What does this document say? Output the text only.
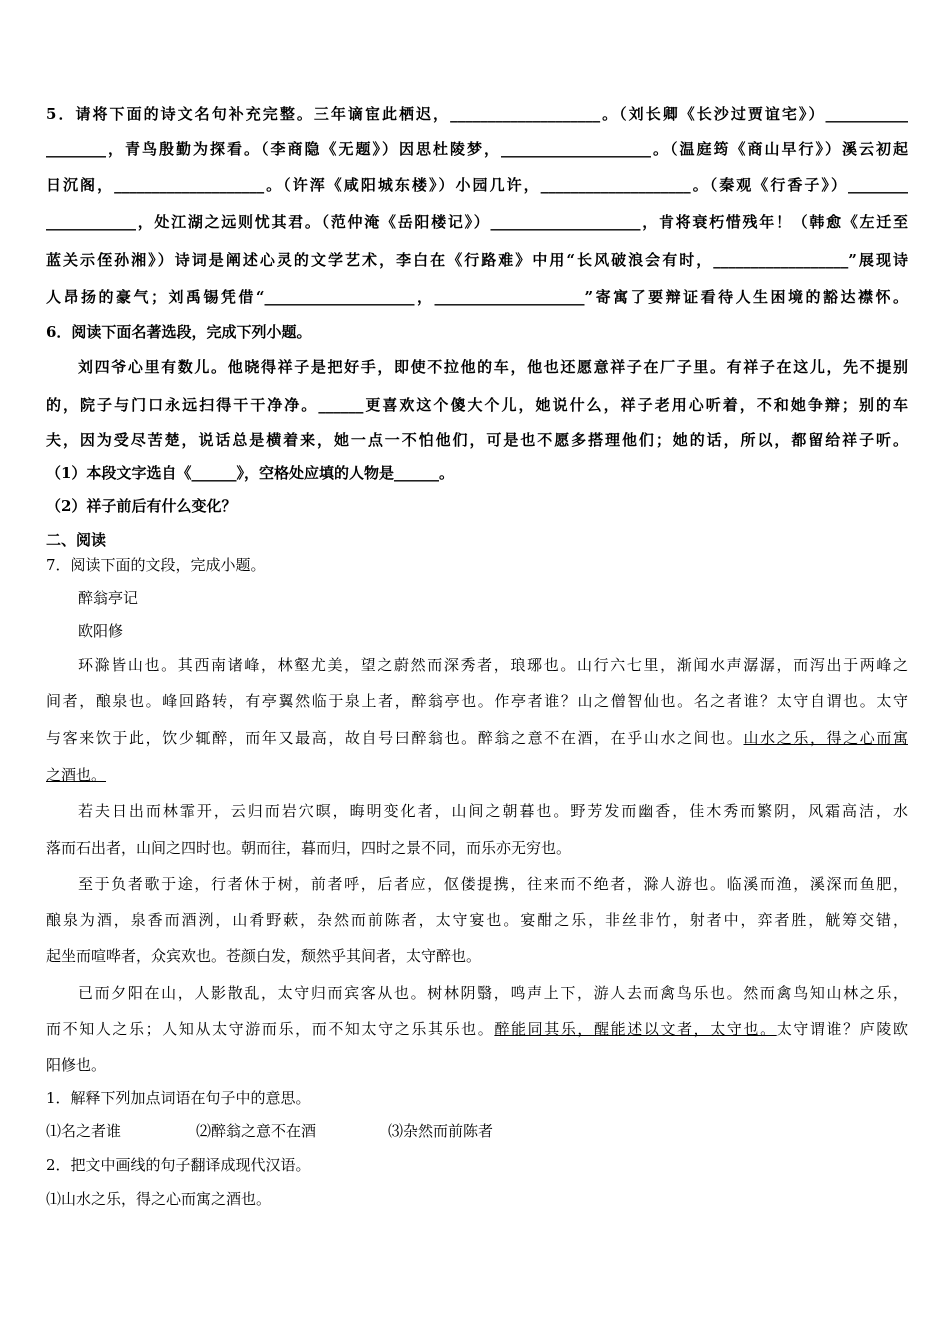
5．请将下面的诗文名句补充完整。三年谪宦此栖迟，____________________。（刘长卿《长沙过贾谊宅》）___________
________，青鸟殷勤为探看。（李商隐《无题》）因思杜陵梦，____________________。（温庭筠《商山早行》）溪云初起
日沉阁，____________________。（许浑《咸阳城东楼》）小园几许，____________________。（秦观《行香子》）________
____________，处江湖之远则忧其君。（范仲淹《岳阳楼记》）____________________，肯将衰朽惜残年！（韩愈《左迁至
蓝关示侄孙湘》）诗词是阐述心灵的文学艺术，李白在《行路难》中用“长风破浪会有时，__________________”展现诗
人昂扬的豪气；刘禹锡凭借“____________________，____________________”寄寓了要辩证看待人生困境的豁达襟怀。
6．阅读下面名著选段，完成下列小题。
刘四爷心里有数儿。他晓得祥子是把好手，即使不拉他的车，他也还愿意祥子在厂子里。有祥子在这儿，先不提别
的，院子与门口永远扫得干干净净。______更喜欢这个傻大个儿，她说什么，祥子老用心听着，不和她争辩；别的车
夫，因为受尽苦楚，说话总是横着来，她一点一不怕他们，可是也不愿多搭理他们；她的话，所以，都留给祥子听。
（1）本段文字选自《______》，空格处应填的人物是______。
（2）祥子前后有什么变化？
二、阅读
7．阅读下面的文段，完成小题。
醉翁亭记
欧阳修
环滁皆山也。其西南诸峰，林壑尤美，望之蔚然而深秀者，琅琊也。山行六七里，渐闻水声潺潺，而泻出于两峰之
间者，酿泉也。峰回路转，有亭翼然临于泉上者，醉翁亭也。作亭者谁？山之僧智仙也。名之者谁？太守自谓也。太守
与客来饮于此，饮少辄醉，而年又最高，故自号曰醉翁也。醉翁之意不在酒，在乎山水之间也。山水之乐，得之心而寓
之酒也。
若夫日出而林霏开，云归而岩穴暝，晦明变化者，山间之朝暮也。野芳发而幽香，佳木秀而繁阴，风霜高洁，水
落而石出者，山间之四时也。朝而往，暮而归，四时之景不同，而乐亦无穷也。
至于负者歌于途，行者休于树，前者呼，后者应，伛偻提携，往来而不绝者，滁人游也。临溪而渔，溪深而鱼肥，
酿泉为酒，泉香而酒洌，山肴野蔌，杂然而前陈者，太守宴也。宴酣之乐，非丝非竹，射者中，弈者胜，觥筹交错，
起坐而喧哗者，众宾欢也。苍颜白发，颓然乎其间者，太守醉也。
已而夕阳在山，人影散乱，太守归而宾客从也。树林阴翳，鸣声上下，游人去而禽鸟乐也。然而禽鸟知山林之乐，
而不知人之乐；人知从太守游而乐，而不知太守之乐其乐也。醉能同其乐，醒能述以文者，太守也。太守谓谁？庐陵欧
阳修也。
1．解释下列加点词语在句子中的意思。
⑴名之者谁	⑵醉翁之意不在酒	⑶杂然而前陈者
2．把文中画线的句子翻译成现代汉语。
⑴山水之乐，得之心而寓之酒也。
